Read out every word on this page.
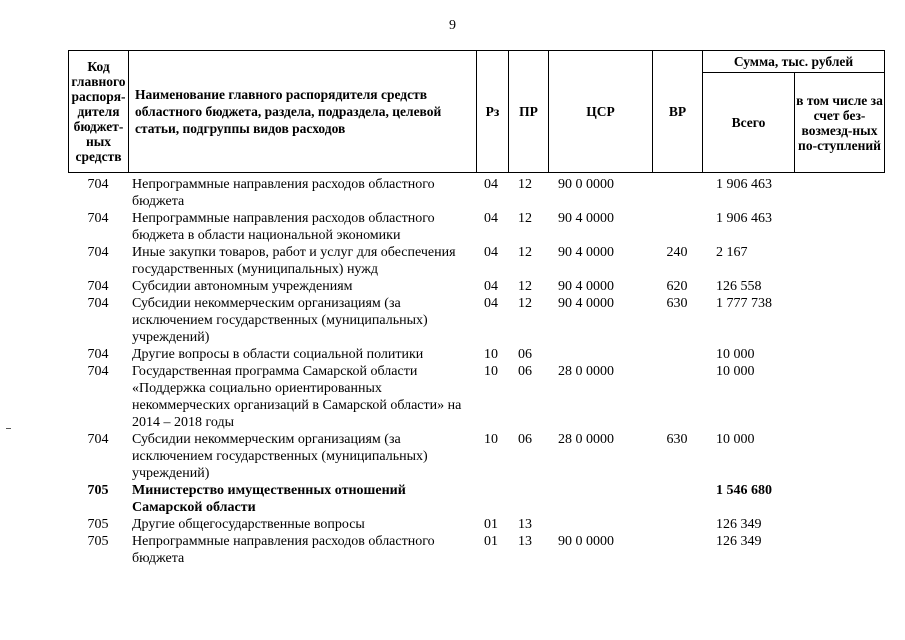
9
Код главного распоря-дителя бюджет-ных средств	Наименование главного распорядителя средств областного бюджета, раздела, подраздела, целевой статьи, подгруппы видов расходов	Рз	ПР	ЦСР	ВР	Сумма, тыс. рублей	
						Всего	в том числе за счет без-возмезд-ных по-ступлений
704	Непрограммные направления расходов областного бюджета	04	12	90 0 0000		1 906 463	
704	Непрограммные направления расходов областного бюджета в области национальной экономики	04	12	90 4 0000		1 906 463	
704	Иные закупки товаров, работ и услуг для обеспечения государственных (муниципальных) нужд	04	12	90 4 0000	240	2 167	
704	Субсидии автономным учреждениям	04	12	90 4 0000	620	126 558	
704	Субсидии некоммерческим организациям (за исключением государственных (муниципальных) учреждений)	04	12	90 4 0000	630	1 777 738	
704	Другие вопросы в области социальной политики	10	06			10 000	
704	Государственная программа Самарской области «Поддержка социально ориентированных некоммерческих организаций в Самарской области» на 2014 – 2018 годы	10	06	28 0 0000		10 000	
704	Субсидии некоммерческим организациям (за исключением государственных (муниципальных) учреждений)	10	06	28 0 0000	630	10 000	
705	Министерство имущественных отношений Самарской области					1 546 680	
705	Другие общегосударственные вопросы	01	13			126 349	
705	Непрограммные направления расходов областного бюджета	01	13	90 0 0000		126 349	
